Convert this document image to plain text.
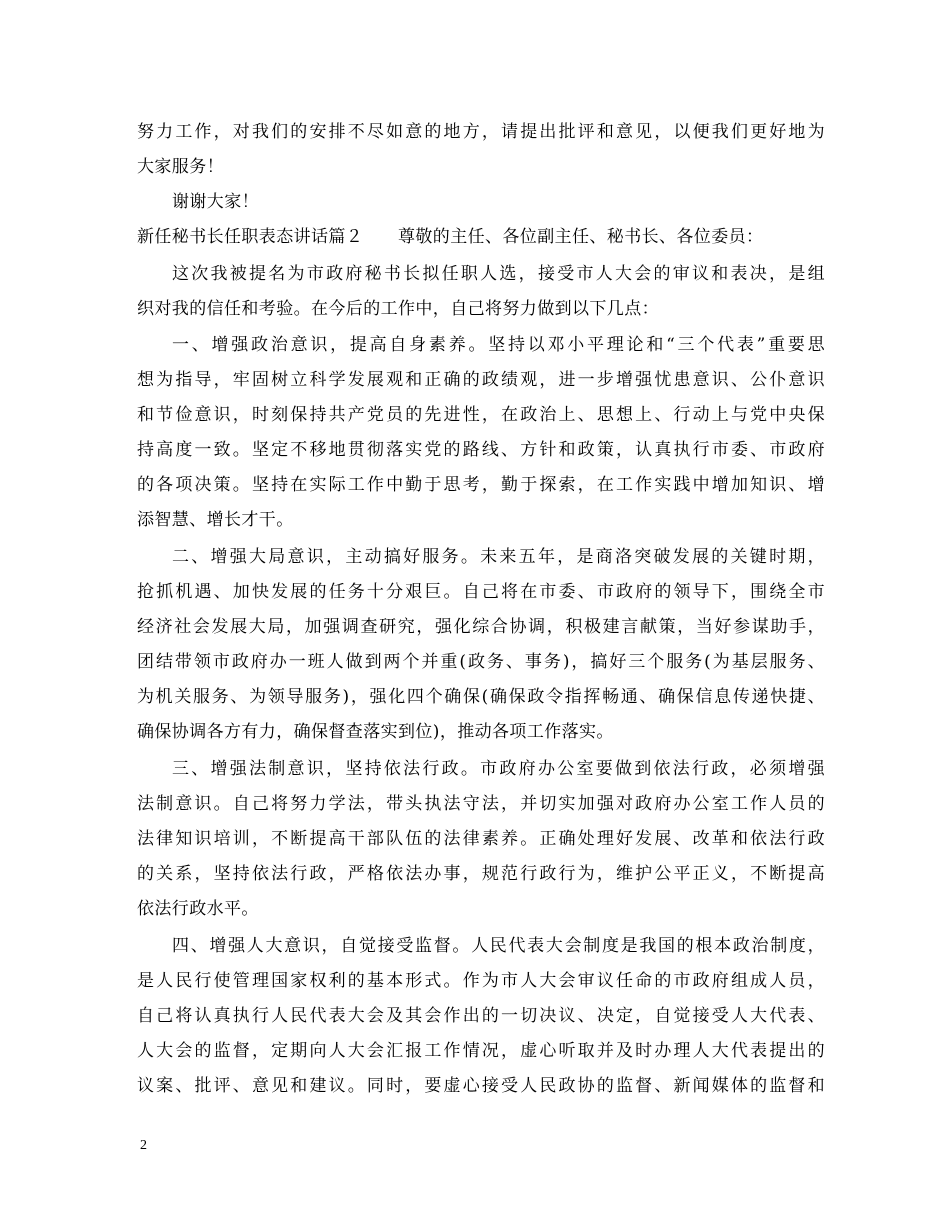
努力工作，对我们的安排不尽如意的地方，请提出批评和意见，以便我们更好地为
大家服务！
谢谢大家！
新任秘书长任职表态讲话篇２　　尊敬的主任、各位副主任、秘书长、各位委员：
这次我被提名为市政府秘书长拟任职人选，接受市人大会的审议和表决，是组
织对我的信任和考验。在今后的工作中，自己将努力做到以下几点：
一、增强政治意识，提高自身素养。坚持以邓小平理论和“三个代表”重要思
想为指导，牢固树立科学发展观和正确的政绩观，进一步增强忧患意识、公仆意识
和节俭意识，时刻保持共产党员的先进性，在政治上、思想上、行动上与党中央保
持高度一致。坚定不移地贯彻落实党的路线、方针和政策，认真执行市委、市政府
的各项决策。坚持在实际工作中勤于思考，勤于探索，在工作实践中增加知识、增
添智慧、增长才干。
二、增强大局意识，主动搞好服务。未来五年，是商洛突破发展的关键时期，
抢抓机遇、加快发展的任务十分艰巨。自己将在市委、市政府的领导下，围绕全市
经济社会发展大局，加强调查研究，强化综合协调，积极建言献策，当好参谋助手，
团结带领市政府办一班人做到两个并重(政务、事务)，搞好三个服务(为基层服务、
为机关服务、为领导服务)，强化四个确保(确保政令指挥畅通、确保信息传递快捷、
确保协调各方有力，确保督查落实到位)，推动各项工作落实。
三、增强法制意识，坚持依法行政。市政府办公室要做到依法行政，必须增强
法制意识。自己将努力学法，带头执法守法，并切实加强对政府办公室工作人员的
法律知识培训，不断提高干部队伍的法律素养。正确处理好发展、改革和依法行政
的关系，坚持依法行政，严格依法办事，规范行政行为，维护公平正义，不断提高
依法行政水平。
四、增强人大意识，自觉接受监督。人民代表大会制度是我国的根本政治制度，
是人民行使管理国家权利的基本形式。作为市人大会审议任命的市政府组成人员，
自己将认真执行人民代表大会及其会作出的一切决议、决定，自觉接受人大代表、
人大会的监督，定期向人大会汇报工作情况，虚心听取并及时办理人大代表提出的
议案、批评、意见和建议。同时，要虚心接受人民政协的监督、新闻媒体的监督和
2
